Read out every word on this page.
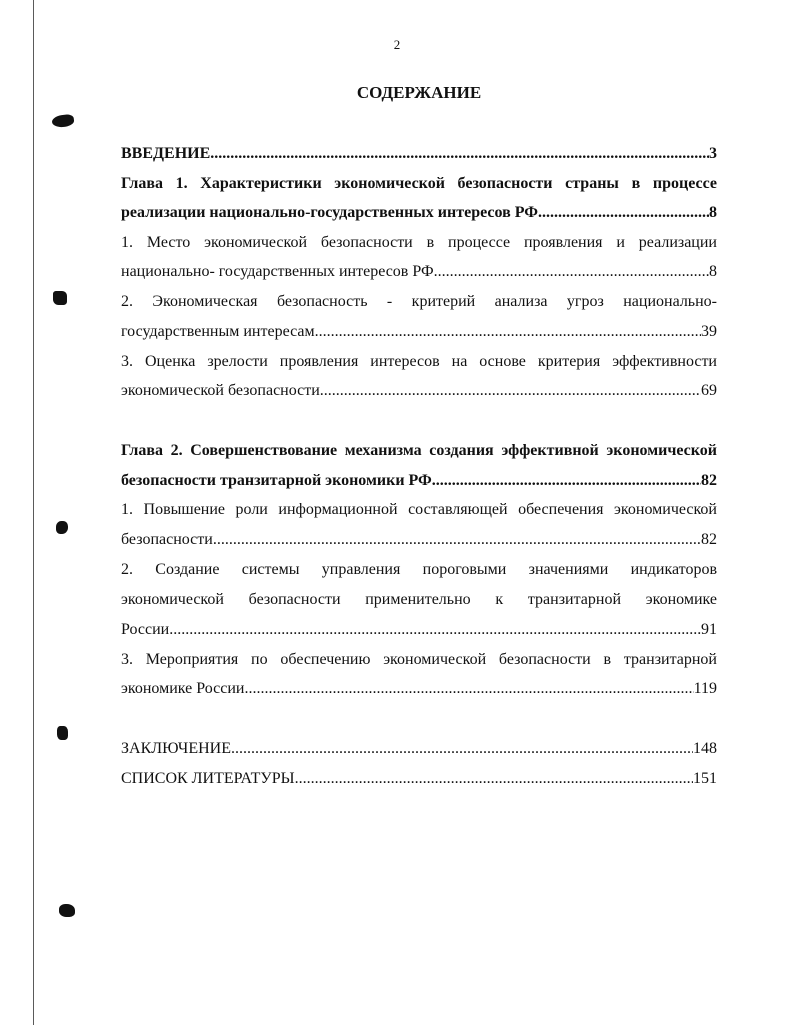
2
СОДЕРЖАНИЕ
ВВЕДЕНИЕ .....	3
Глава 1. Характеристики экономической безопасности страны в процессе
реализации национально-государственных интересов РФ .....	8
1. Место экономической безопасности в процессе проявления и реализации
национально- государственных интересов РФ .....	8
2. Экономическая безопасность - критерий анализа угроз национально-
государственным интересам .....	39
3. Оценка зрелости проявления интересов на основе критерия эффективности
экономической безопасности .....	69
Глава 2. Совершенствование механизма создания эффективной экономической
безопасности транзитарной экономики РФ .....	82
1. Повышение роли информационной составляющей обеспечения экономической
безопасности .....	82
2. Создание системы управления пороговыми значениями индикаторов
экономической безопасности применительно к транзитарной экономике
России .....	91
3. Мероприятия по обеспечению экономической безопасности в транзитарной
экономике России .....	119
ЗАКЛЮЧЕНИЕ .....	148
СПИСОК ЛИТЕРАТУРЫ .....	151
